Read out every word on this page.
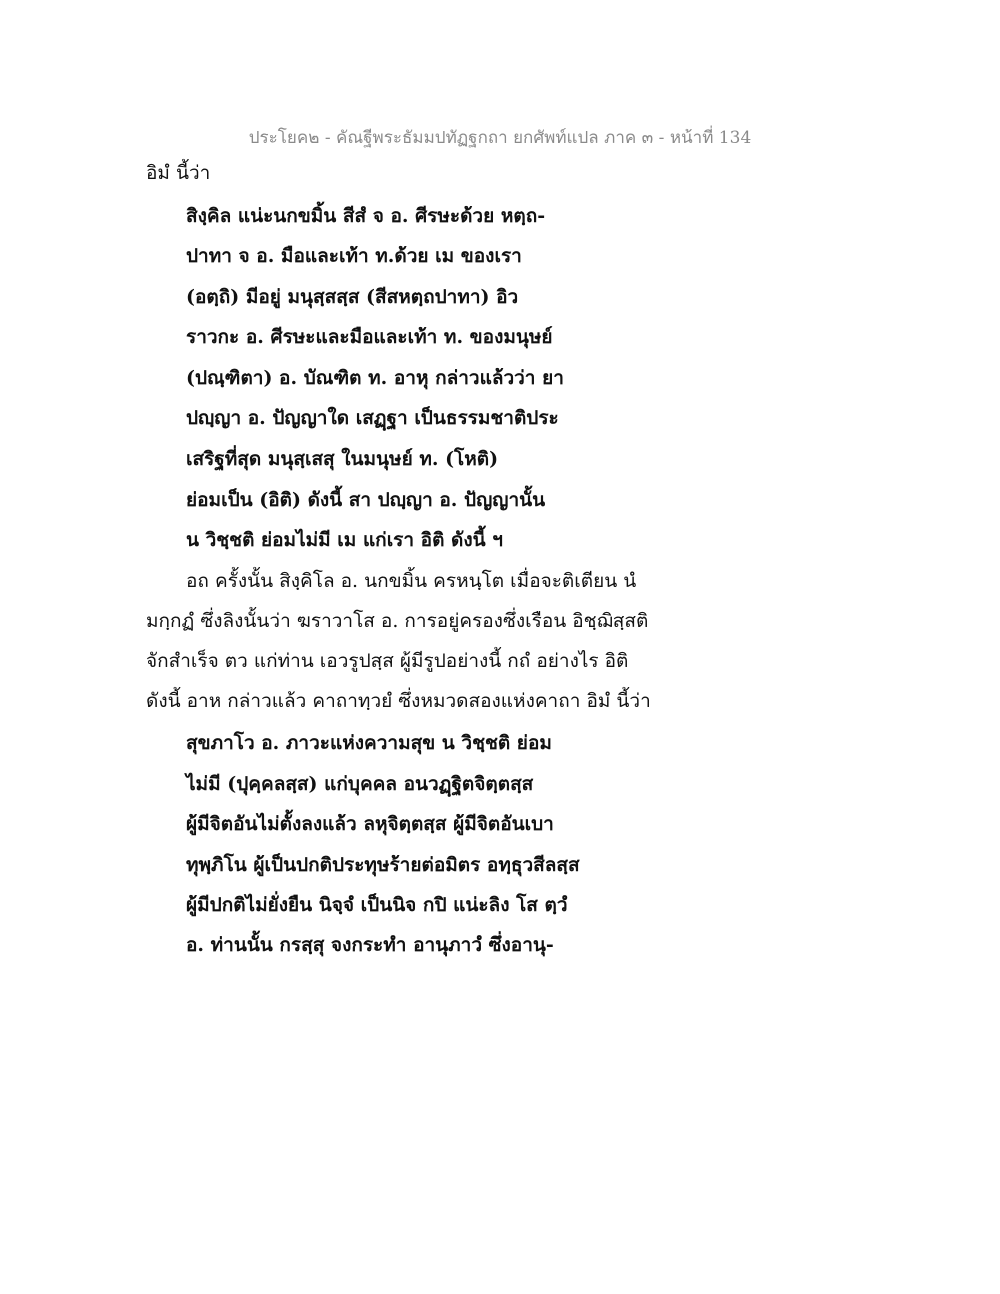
ประโยค๒ - คัณฐีพระธัมมปทัฏฐกถา ยกศัพท์แปล ภาค ๓ - หน้าที่ 134
อิมํ นี้ว่า
สิงฺคิล แน่ะนกขมิ้น สีสํ จ อ. ศีรษะด้วย หตฺถ-
ปาทา จ อ. มือและเท้า ท.ด้วย เม ของเรา
(อตฺถิ) มีอยู่ มนุสฺสสฺส (สีสหตฺถปาทา) อิว
ราวกะ อ. ศีรษะและมือและเท้า ท. ของมนุษย์
(ปณฺฑิตา) อ. บัณฑิต ท. อาหุ กล่าวแล้วว่า ยา
ปญฺญา อ. ปัญญาใด เสฏฺฐา เป็นธรรมชาติประ
เสริฐที่สุด มนุสฺเสสุ ในมนุษย์ ท. (โหติ)
ย่อมเป็น (อิติ) ดังนี้ สา ปญฺญา อ. ปัญญานั้น
น วิชฺชติ ย่อมไม่มี เม แก่เรา อิติ ดังนี้ ฯ
อถ ครั้งนั้น สิงฺคิโล อ. นกขมิ้น ครหนฺโต เมื่อจะติเตียน นํ
มกฺกฏํ ซึ่งลิงนั้นว่า ฆราวาโส อ. การอยู่ครองซึ่งเรือน อิชฺฌิสฺสติ
จักสำเร็จ ตว แก่ท่าน เอวรูปสฺส ผู้มีรูปอย่างนี้ กถํ อย่างไร อิติ
ดังนี้ อาห กล่าวแล้ว คาถาทฺวยํ ซึ่งหมวดสองแห่งคาถา อิมํ นี้ว่า
สุขภาโว อ. ภาวะแห่งความสุข น วิชฺชติ ย่อม
ไม่มี (ปุคฺคลสฺส) แก่บุคคล อนวฏฺฐิตจิตฺตสฺส
ผู้มีจิตอันไม่ตั้งลงแล้ว ลหุจิตฺตสฺส ผู้มีจิตอันเบา
ทุพฺภิโน ผู้เป็นปกติประทุษร้ายต่อมิตร อทฺธุวสีลสฺส
ผู้มีปกติไม่ยั่งยืน นิจฺจํ เป็นนิจ กปิ แน่ะลิง โส ตฺวํ
อ. ท่านนั้น กรสฺสุ จงกระทำ อานุภาวํ ซึ่งอานุ-
